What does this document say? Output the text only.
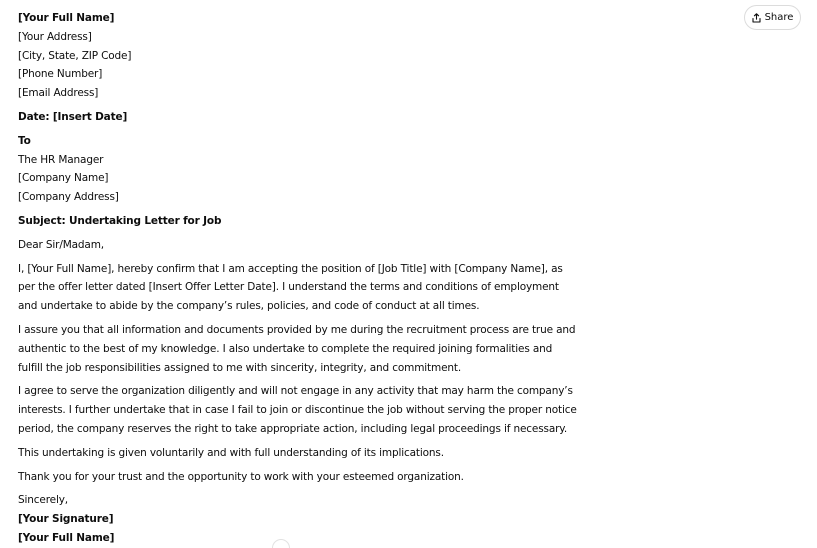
Share
[Your Full Name]
[Your Address]
[City, State, ZIP Code]
[Phone Number]
[Email Address]
Date: [Insert Date]
To
The HR Manager
[Company Name]
[Company Address]
Subject: Undertaking Letter for Job
Dear Sir/Madam,
I, [Your Full Name], hereby confirm that I am accepting the position of [Job Title] with [Company Name], as
per the offer letter dated [Insert Offer Letter Date]. I understand the terms and conditions of employment
and undertake to abide by the company’s rules, policies, and code of conduct at all times.
I assure you that all information and documents provided by me during the recruitment process are true and
authentic to the best of my knowledge. I also undertake to complete the required joining formalities and
fulfill the job responsibilities assigned to me with sincerity, integrity, and commitment.
I agree to serve the organization diligently and will not engage in any activity that may harm the company’s
interests. I further undertake that in case I fail to join or discontinue the job without serving the proper notice
period, the company reserves the right to take appropriate action, including legal proceedings if necessary.
This undertaking is given voluntarily and with full understanding of its implications.
Thank you for your trust and the opportunity to work with your esteemed organization.
Sincerely,
[Your Signature]
[Your Full Name]
